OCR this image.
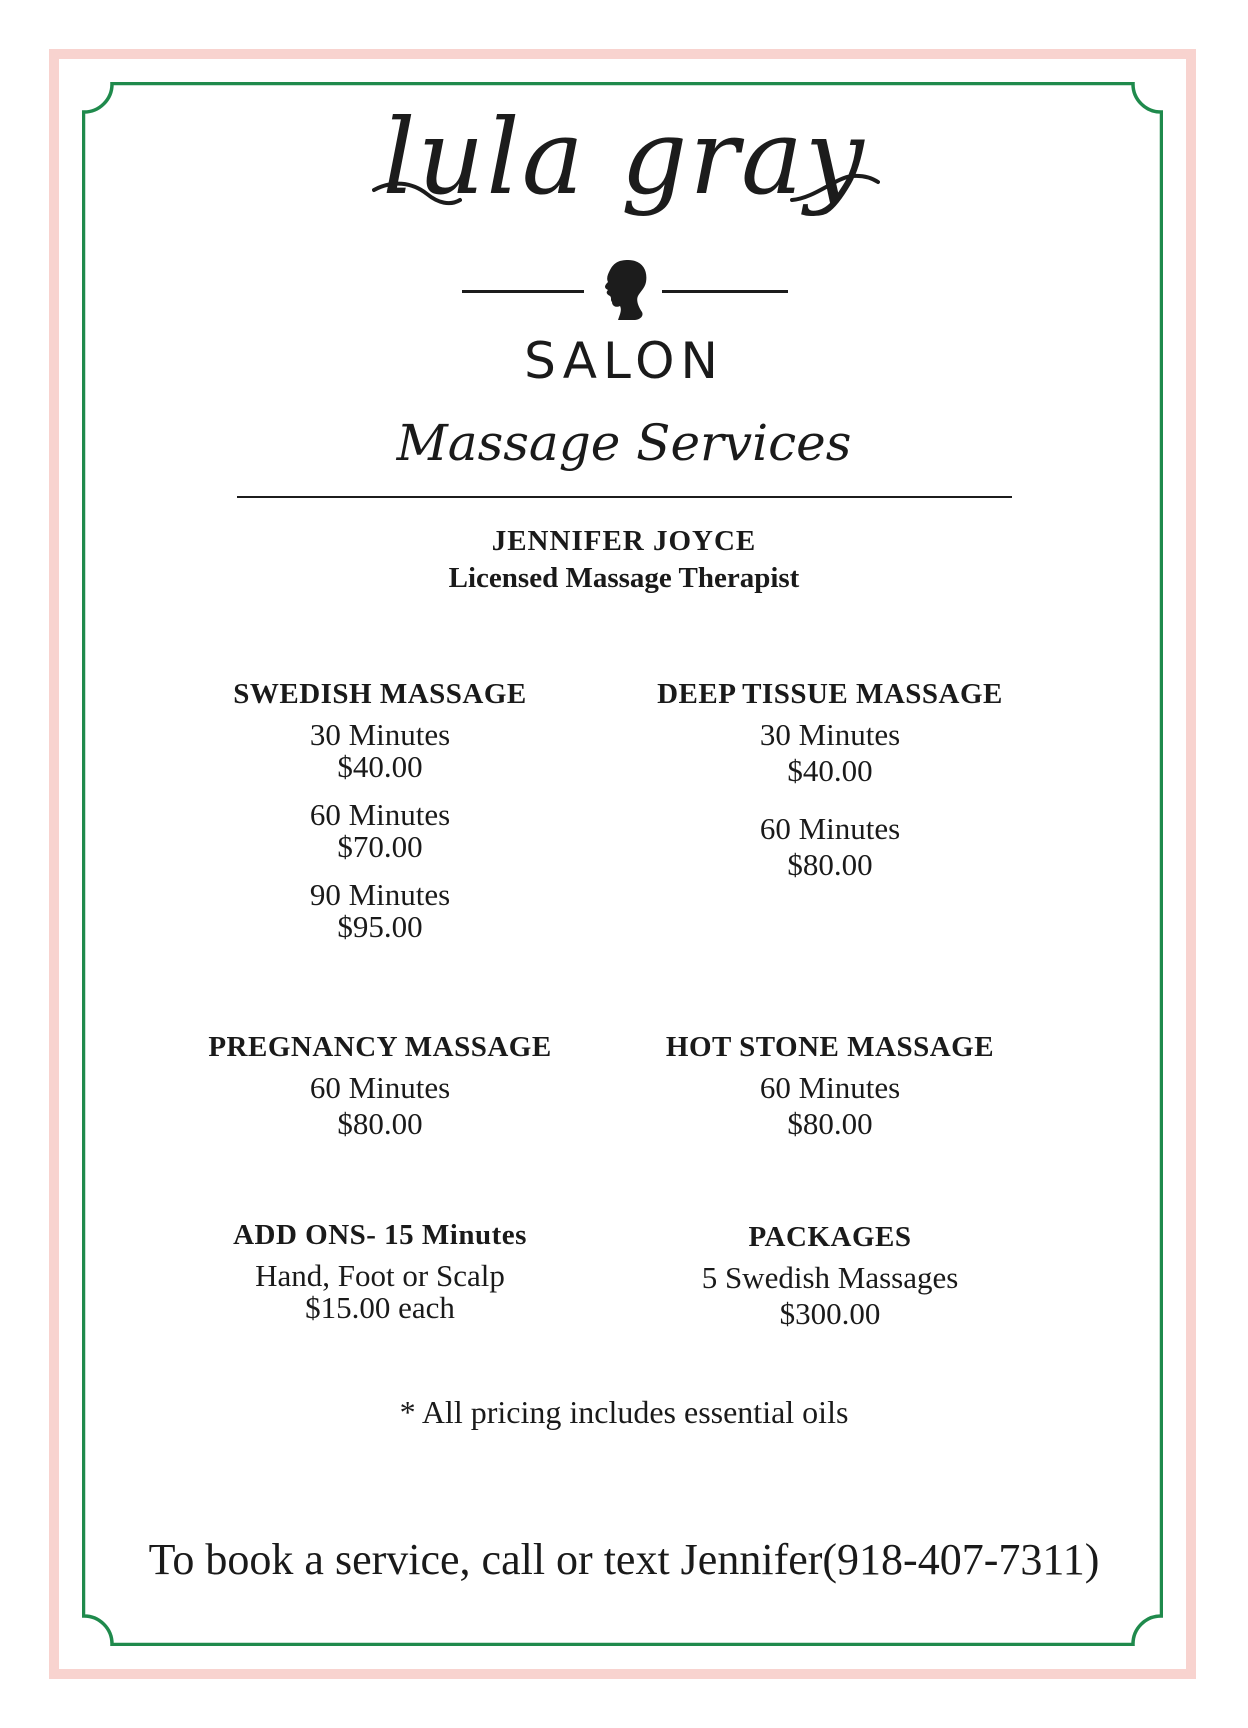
lula gray
SALON
Massage Services
JENNIFER JOYCE
Licensed Massage Therapist
SWEDISH MASSAGE
30 Minutes
$40.00
60 Minutes
$70.00
90 Minutes
$95.00
DEEP TISSUE MASSAGE
30 Minutes
$40.00
60 Minutes
$80.00
PREGNANCY MASSAGE
60 Minutes
$80.00
HOT STONE MASSAGE
60 Minutes
$80.00
ADD ONS- 15 Minutes
Hand, Foot or Scalp
$15.00 each
PACKAGES
5 Swedish Massages
$300.00
* All pricing includes essential oils
To book a service, call or text Jennifer(918-407-7311)
